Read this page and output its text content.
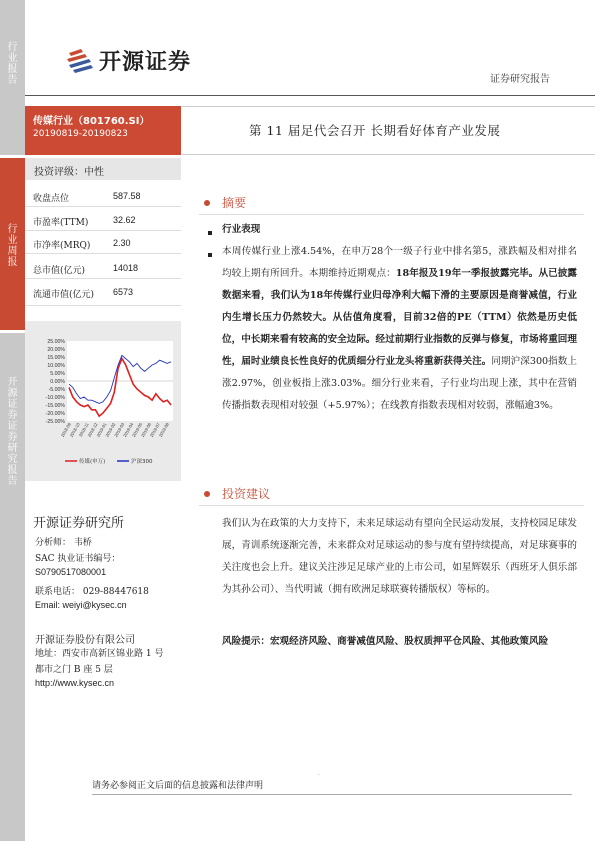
行
业
报
告
行
业
周
报
开
源
证
券
证
券
研
究
报
告
开源证券
证券研究报告
传媒行业（801760.SI）
20190819-20190823	第 11 届足代会召开 长期看好体育产业发展
投资评级：中性
收盘点位	587.58
市盈率(TTM)	32.62
市净率(MRQ)	2.30
总市值(亿元)	14018
流通市值(亿元) 6573
25.00%
20.00%
15.00%
10.00%
5.00%
0.00%
-5.00%
-10.00%
-15.00%
-20.00%
-25.00%
2018-09
2018-10
2018-11
2018-12
2019-01
2019-02
2019-03
2019-04
2019-05
2019-06
2019-07
2019-08
传媒(申万)	沪深300
开源证券研究所
分析师： 韦桥
SAC 执业证书编号：
S0790517080001
联系电话： 029-88447618
Email: weiyi@kysec.cn
开源证券股份有限公司
地址：西安市高新区锦业路 1 号
都市之门 B 座 5 层
http://www.kysec.cn
摘要
行业表现
本周传媒行业上涨4.54%，在申万28个一级子行业中排名第5，涨跌幅及相对排名均较上期有所回升。本期维持近期观点：18年报及19年一季报披露完毕。从已披露数据来看，我们认为18年传媒行业归母净利大幅下滑的主要原因是商誉减值，行业内生增长压力仍然较大。从估值角度看，目前32倍的PE（TTM）依然是历史低位，中长期来看有较高的安全边际。经过前期行业指数的反弹与修复，市场将重回理性，届时业绩良长性良好的优质细分行业龙头将重新获得关注。同期沪深300指数上涨2.97%，创业板指上涨3.03%。细分行业来看，子行业均出现上涨，其中在营销传播指数表现相对较强（+5.97%）；在线教育指数表现相对较弱，涨幅逾3%。
投资建议
我们认为在政策的大力支持下，未来足球运动有望向全民运动发展，支持校园足球发展，青训系统逐渐完善，未来群众对足球运动的参与度有望持续提高，对足球赛事的关注度也会上升。建议关注涉足足球产业的上市公司，如星辉娱乐（西班牙人俱乐部为其孙公司）、当代明诚（拥有欧洲足球联赛转播版权）等标的。
风险提示：宏观经济风险、商誉减值风险、股权质押平仓风险、其他政策风险
·
请务必参阅正文后面的信息披露和法律声明
